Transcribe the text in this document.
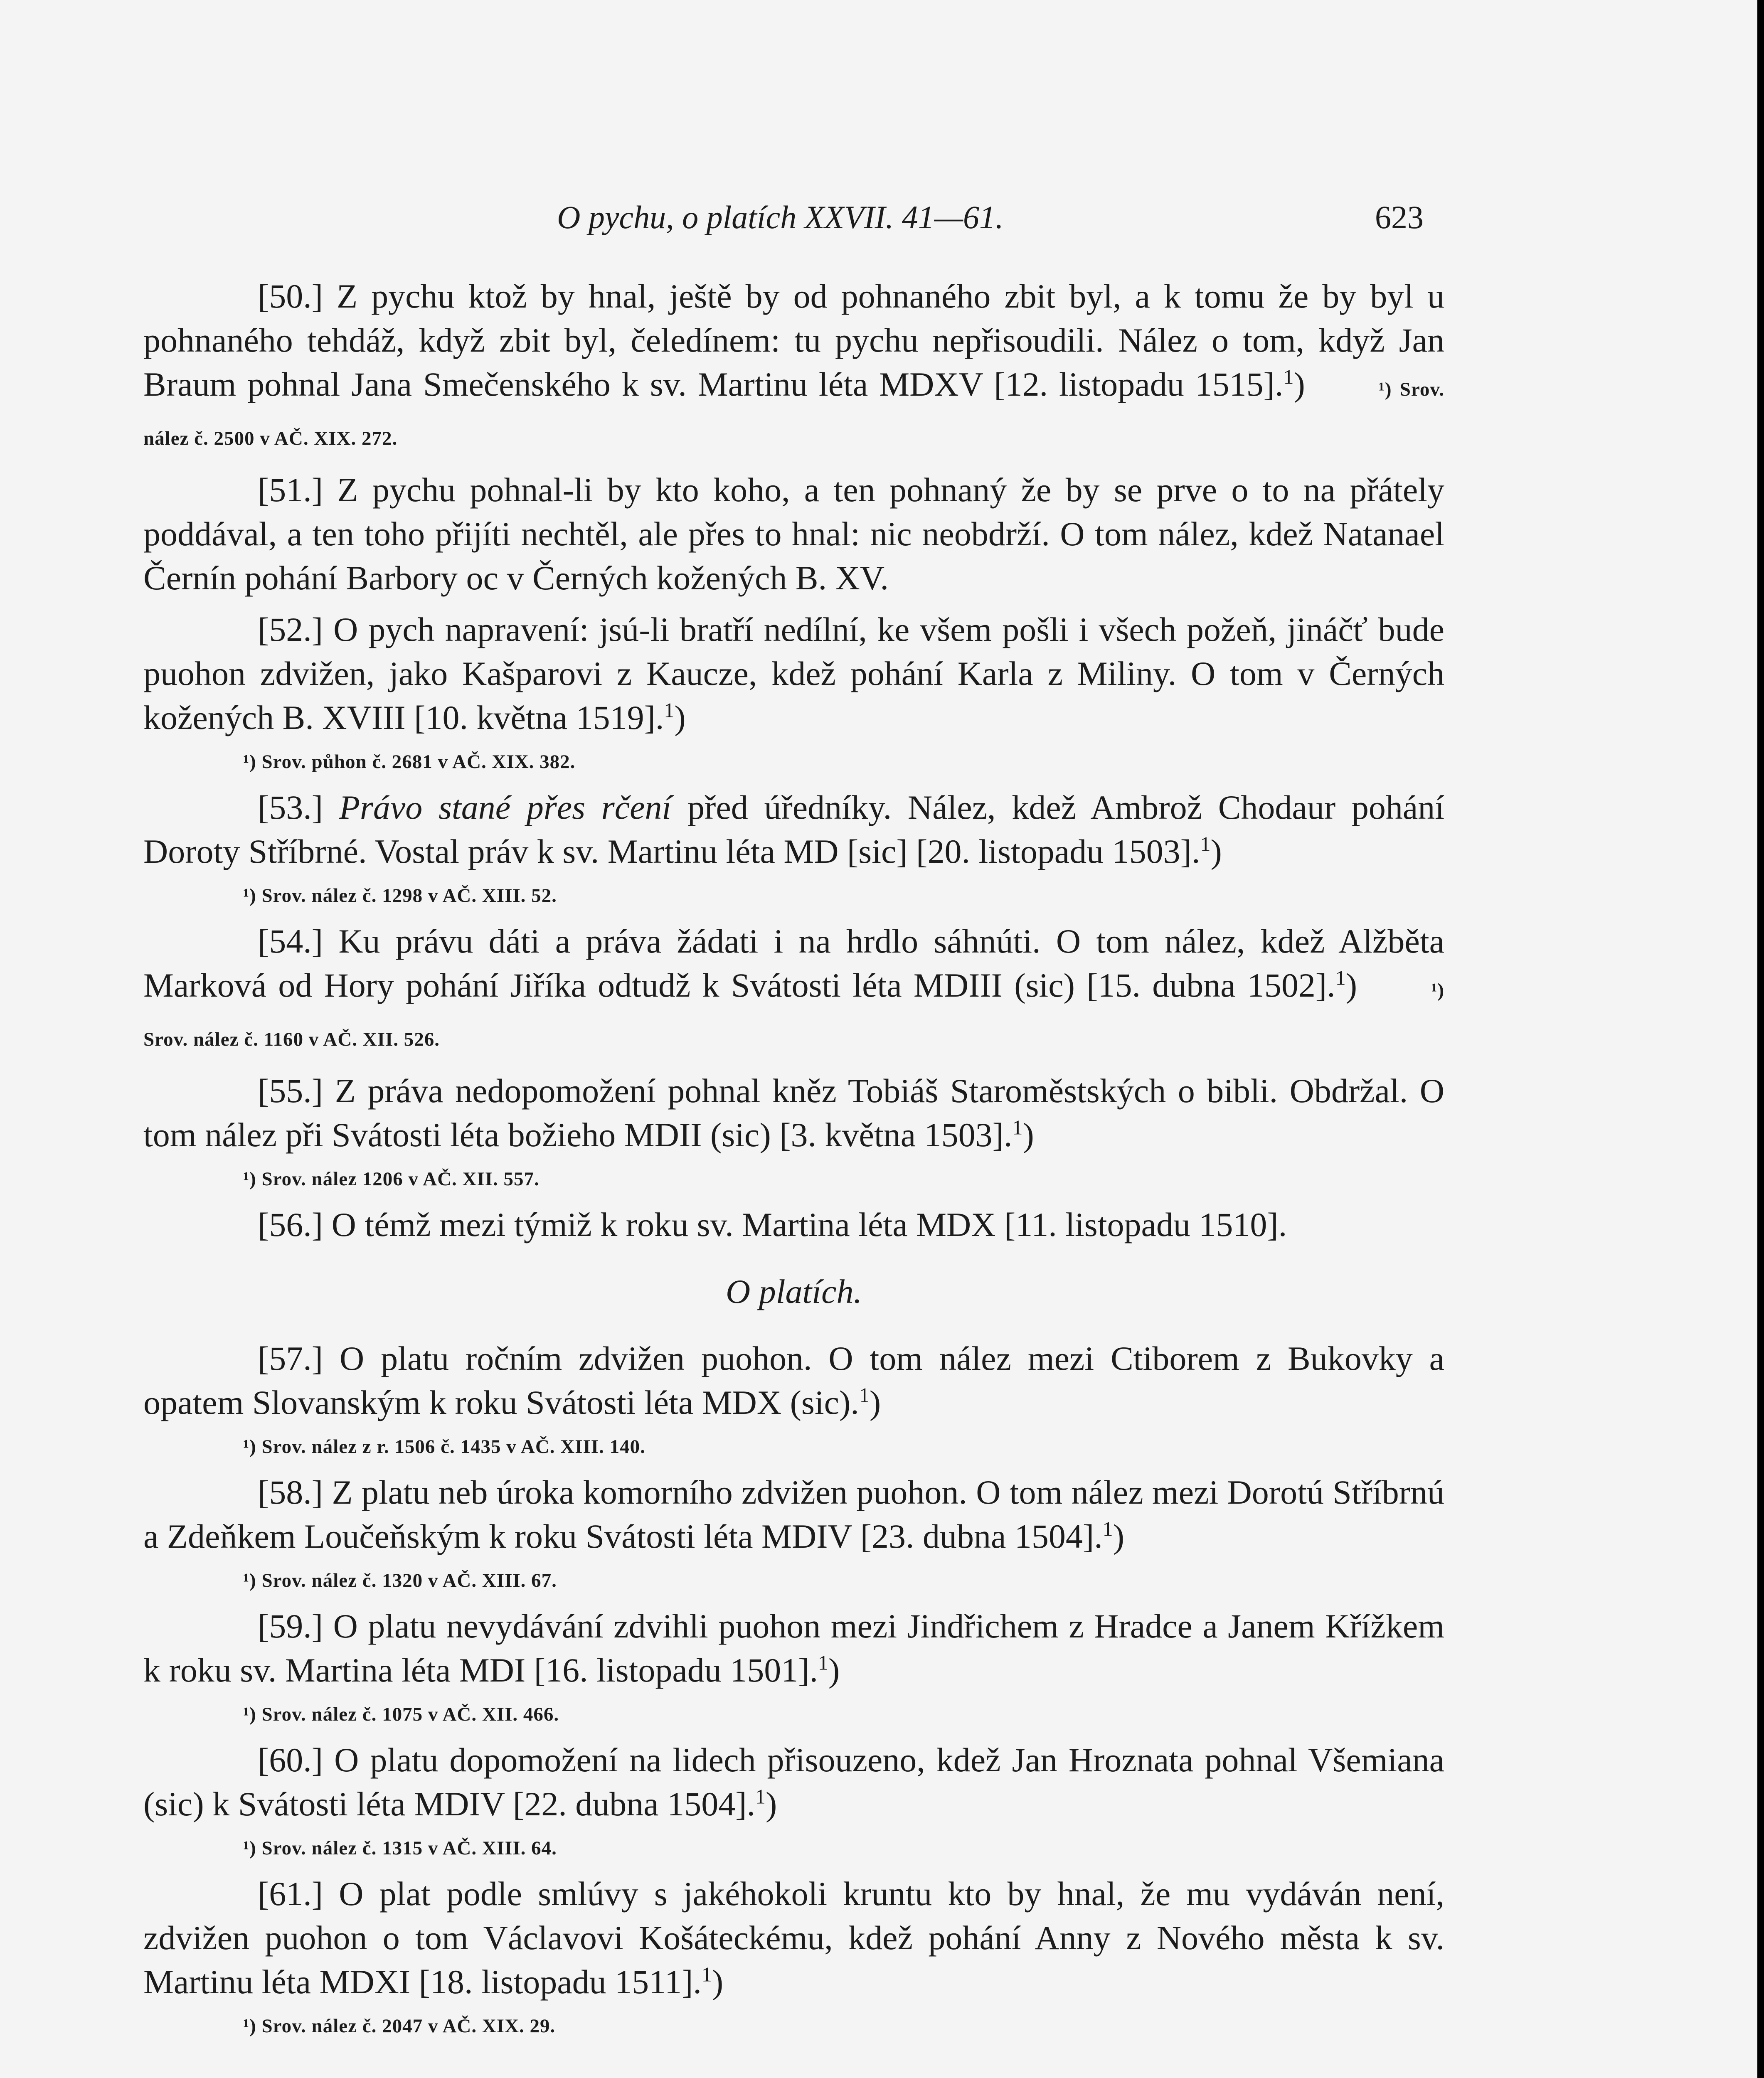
O pychu, o platích XXVII. 41—61.	623

[50.] Z pychu ktož by hnal, ještě by od pohnaného zbit byl, a k tomu že by byl u pohnaného tehdáž, když zbit byl, čeledínem: tu pychu nepřisoudili. Nález o tom, když Jan Braum pohnal Jana Smečenského k sv. Martinu léta MDXV [12. listopadu 1515].$^1$)	¹) Srov. nález č. 2500 v AČ. XIX. 272.

[51.] Z pychu pohnal-li by kto koho, a ten pohnaný že by se prve o to na přátely poddával, a ten toho přijíti nechtěl, ale přes to hnal: nic neobdrží. O tom nález, kdež Natanael Černín pohání Barbory oc v Černých kožených B. XV.

[52.] O pych napravení: jsú-li bratří nedílní, ke všem pošli i všech požeň, jináčť bude puohon zdvižen, jako Kašparovi z Kaucze, kdež pohání Karla z Miliny. O tom v Černých kožených B. XVIII [10. května 1519].$^1$)

¹) Srov. půhon č. 2681 v AČ. XIX. 382.

[53.] Právo stané přes rčení před úředníky. Nález, kdež Ambrož Chodaur pohání Doroty Stříbrné. Vostal práv k sv. Martinu léta MD [sic] [20. listopadu 1503].$^1$)

¹) Srov. nález č. 1298 v AČ. XIII. 52.

[54.] Ku právu dáti a práva žádati i na hrdlo sáhnúti. O tom nález, kdež Alžběta Marková od Hory pohání Jiříka odtudž k Svátosti léta MDIII (sic) [15. dubna 1502].$^1$)	¹) Srov. nález č. 1160 v AČ. XII. 526.

[55.] Z práva nedopomožení pohnal kněz Tobiáš Staroměstských o bibli. Obdržal. O tom nález při Svátosti léta božieho MDII (sic) [3. května 1503].$^1$)

¹) Srov. nález 1206 v AČ. XII. 557.

[56.] O témž mezi týmiž k roku sv. Martina léta MDX [11. listopadu 1510].

O platích.

[57.] O platu ročním zdvižen puohon. O tom nález mezi Ctiborem z Bukovky a opatem Slovanským k roku Svátosti léta MDX (sic).$^1$)

¹) Srov. nález z r. 1506 č. 1435 v AČ. XIII. 140.

[58.] Z platu neb úroka komorního zdvižen puohon. O tom nález mezi Dorotú Stříbrnú a Zdeňkem Loučeňským k roku Svátosti léta MDIV [23. dubna 1504].$^1$)

¹) Srov. nález č. 1320 v AČ. XIII. 67.

[59.] O platu nevydávání zdvihli puohon mezi Jindřichem z Hradce a Janem Křížkem k roku sv. Martina léta MDI [16. listopadu 1501].$^1$)

¹) Srov. nález č. 1075 v AČ. XII. 466.

[60.] O platu dopomožení na lidech přisouzeno, kdež Jan Hroznata pohnal Všemiana (sic) k Svátosti léta MDIV [22. dubna 1504].$^1$)

¹) Srov. nález č. 1315 v AČ. XIII. 64.

[61.] O plat podle smlúvy s jakéhokoli kruntu kto by hnal, že mu vydáván není, zdvižen puohon o tom Václavovi Košáteckému, kdež pohání Anny z Nového města k sv. Martinu léta MDXI [18. listopadu 1511].$^1$)

¹) Srov. nález č. 2047 v AČ. XIX. 29.
